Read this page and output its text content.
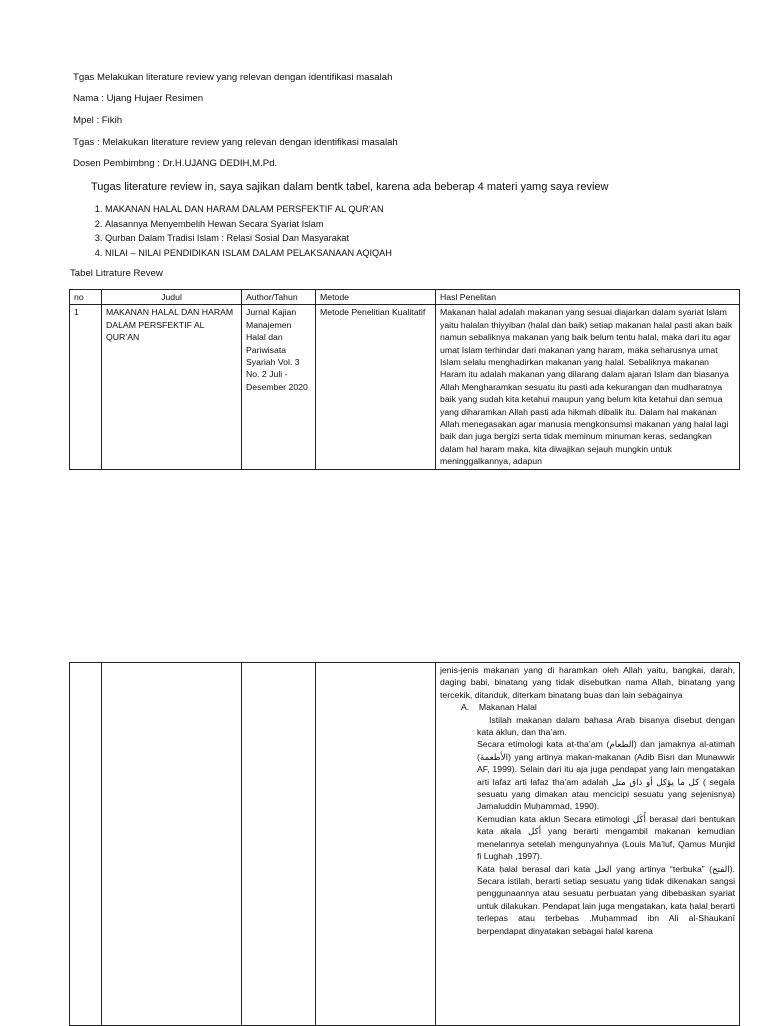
Tgas Melakukan literature review yang relevan dengan identifikasi masalah
Nama : Ujang Hujaer Resimen
Mpel : Fikih
Tgas : Melakukan literature review yang relevan dengan identifikasi masalah
Dosen Pembimbng : Dr.H.UJANG DEDIH,M.Pd.
Tugas literature review in, saya sajikan dalam bentk tabel, karena ada beberap 4 materi yamg saya review
1. MAKANAN HALAL DAN HARAM DALAM PERSFEKTIF AL QUR’AN
2. Alasannya Menyembelih Hewan Secara Syariat Islam
3. Qurban Dalam Tradisi Islam : Relasi Sosial Dan Masyarakat
4. NILAI – NILAI PENDIDIKAN ISLAM DALAM PELAKSANAAN AQIQAH
Tabel Litrature Revew
no	Judul	Author/Tahun	Metode	Hasl Penelitan
1	MAKANAN HALAL DAN HARAM DALAM PERSFEKTIF AL QUR’AN	Jurnal Kajian Manajemen Halal dan Pariwisata Syariah Vol. 3 No. 2 Juli - Desember 2020	Metode Penelitian Kualitatif	Makanan halal adalah makanan yang sesuai diajarkan dalam syariat Islam yaitu halalan thiyyiban (halal dan baik) setiap makanan halal pasti akan baik namun sebaliknya makanan yang baik belum tentu halal, maka dari itu agar umat Islam terhindar dari makanan yang haram, maka seharusnya umat Islam selalu menghadirkan makanan yang halal. Sebaliknya makanan Haram itu adalah makanan yang dilarang dalam ajaran Islam dan biasanya Allah Mengharamkan sesuatu itu pasti ada kekurangan dan mudharatnya baik yang sudah kita ketahui maupun yang belum kita ketahui dan semua yang diharamkan Allah pasti ada hikmah dibalik itu. Dalam hal makanan Allah menegasakan agar manusia mengkonsumsi makanan yang halal lagi baik dan juga bergizi serta tidak meminum minuman keras, sedangkan dalam hal haram maka, kita diwajikan sejauh mungkin untuk meninggalkannya, adapun

jenis-jenis makanan yang di haramkan oleh Allah yaitu, bangkai, darah, daging babi, binatang yang tidak disebutkan nama Allah, binatang yang tercekik, ditanduk, diterkam binatang buas dan lain sebagainya

A. Makanan Halal

Istilah makanan dalam bahasa Arab bisanya disebut dengan kata aklun, dan tha’am.

Secara etimologi kata at-tha’am (الطعام) dan jamaknya al-atimah (الأطعمة) yang artinya makan-makanan (Adib Bisri dan Munawwir AF, 1999). Selain dari itu aja juga pendapat yang lain mengatakan arti lafaz arti lafaz tha’am adalah كل ما يؤكل أو ذاق متل ( segala sesuatu yang dimakan atau mencicipi sesuatu yang sejenisnya) Jamaluddin Muḥammad, 1990).

Kemudian kata aklun Secara etimologi أَكَل berasal dari bentukan kata akala أكل yang berarti mengambil makanan kemudian menelannya setelah mengunyahnya (Louis Ma’luf, Qamus Munjid fi Lughah ,1997).

Kata ḥalal berasal dari kata الحل yang artinya “terbuka” (الفتح). Secara istilah, berarti setiap sesuatu yang tidak dikenakan sangsi penggunaannya atau sesuatu perbuatan yang dibebaskan syariat untuk dilakukan. Pendapat lain juga mengatakan, kata ḥalal berarti terlepas atau terbebas .Muḥammad ibn Ali al-Shaukanī berpendapat dinyatakan sebagai halal karena
